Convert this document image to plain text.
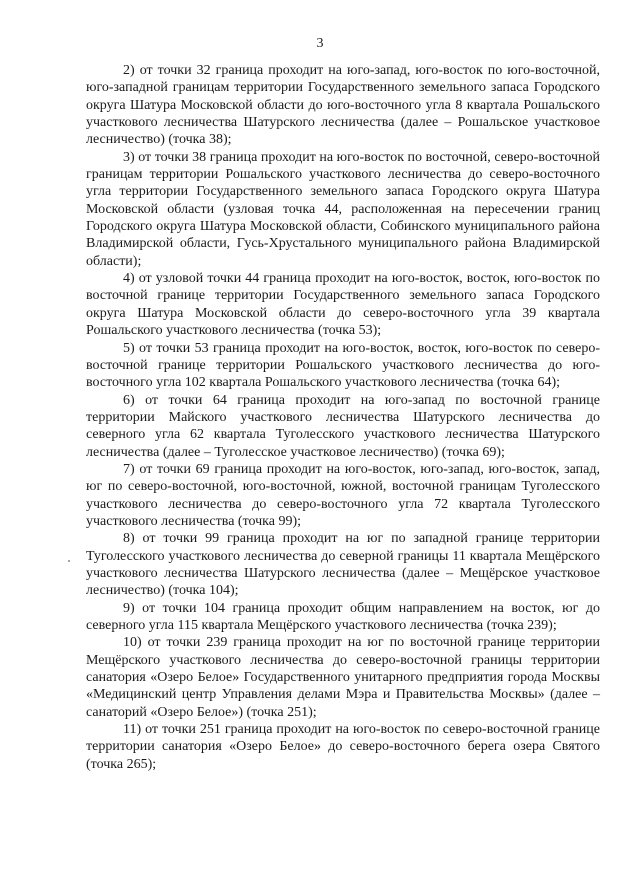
3

2) от точки 32 граница проходит на юго-запад, юго-восток по юго-восточной, юго-западной границам территории Государственного земельного запаса Городского округа Шатура Московской области до юго-восточного угла 8 квартала Рошальского участкового лесничества Шатурского лесничества (далее – Рошальское участковое лесничество) (точка 38);

3) от точки 38 граница проходит на юго-восток по восточной, северо-восточной границам территории Рошальского участкового лесничества до северо-восточного угла территории Государственного земельного запаса Городского округа Шатура Московской области (узловая точка 44, расположенная на пересечении границ Городского округа Шатура Московской области, Собинского муниципального района Владимирской области, Гусь-Хрустального муниципального района Владимирской области);

4) от узловой точки 44 граница проходит на юго-восток, восток, юго-восток по восточной границе территории Государственного земельного запаса Городского округа Шатура Московской области до северо-восточного угла 39 квартала Рошальского участкового лесничества (точка 53);

5) от точки 53 граница проходит на юго-восток, восток, юго-восток по северо-восточной границе территории Рошальского участкового лесничества до юго-восточного угла 102 квартала Рошальского участкового лесничества (точка 64);

6) от точки 64 граница проходит на юго-запад по восточной границе территории Майского участкового лесничества Шатурского лесничества до северного угла 62 квартала Туголесского участкового лесничества Шатурского лесничества (далее – Туголесское участковое лесничество) (точка 69);

7) от точки 69 граница проходит на юго-восток, юго-запад, юго-восток, запад, юг по северо-восточной, юго-восточной, южной, восточной границам Туголесского участкового лесничества до северо-восточного угла 72 квартала Туголесского участкового лесничества (точка 99);

8) от точки 99 граница проходит на юг по западной границе территории Туголесского участкового лесничества до северной границы 11 квартала Мещёрского участкового лесничества Шатурского лесничества (далее – Мещёрское участковое лесничество) (точка 104);

9) от точки 104 граница проходит общим направлением на восток, юг до северного угла 115 квартала Мещёрского участкового лесничества (точка 239);

10) от точки 239 граница проходит на юг по восточной границе территории Мещёрского участкового лесничества до северо-восточной границы территории санатория «Озеро Белое» Государственного унитарного предприятия города Москвы «Медицинский центр Управления делами Мэра и Правительства Москвы» (далее – санаторий «Озеро Белое») (точка 251);

11) от точки 251 граница проходит на юго-восток по северо-восточной границе территории санатория «Озеро Белое» до северо-восточного берега озера Святого (точка 265);
